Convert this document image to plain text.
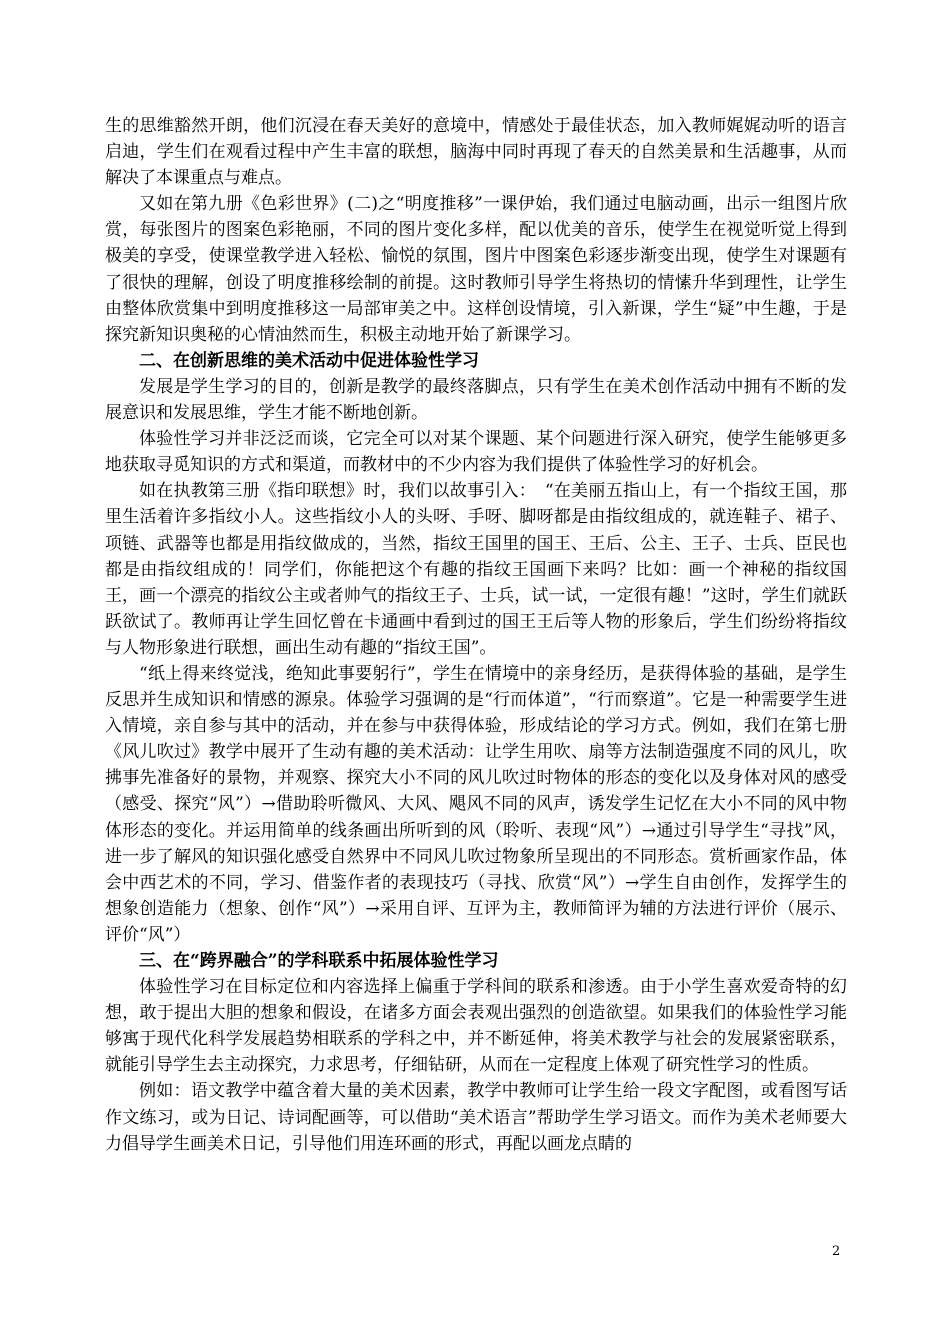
生的思维豁然开朗，他们沉浸在春天美好的意境中，情感处于最佳状态，加入教师娓娓动听的语言启迪，学生们在观看过程中产生丰富的联想，脑海中同时再现了春天的自然美景和生活趣事，从而解决了本课重点与难点。

又如在第九册《色彩世界》(二)之“明度推移”一课伊始，我们通过电脑动画，出示一组图片欣赏，每张图片的图案色彩艳丽，不同的图片变化多样，配以优美的音乐，使学生在视觉听觉上得到极美的享受，使课堂教学进入轻松、愉悦的氛围，图片中图案色彩逐步渐变出现，使学生对课题有了很快的理解，创设了明度推移绘制的前提。这时教师引导学生将热切的情愫升华到理性，让学生由整体欣赏集中到明度推移这一局部审美之中。这样创设情境，引入新课，学生“疑”中生趣，于是探究新知识奥秘的心情油然而生，积极主动地开始了新课学习。

二、在创新思维的美术活动中促进体验性学习

发展是学生学习的目的，创新是教学的最终落脚点，只有学生在美术创作活动中拥有不断的发展意识和发展思维，学生才能不断地创新。

体验性学习并非泛泛而谈，它完全可以对某个课题、某个问题进行深入研究，使学生能够更多地获取寻觅知识的方式和渠道，而教材中的不少内容为我们提供了体验性学习的好机会。

如在执教第三册《指印联想》时，我们以故事引入：　“在美丽五指山上，有一个指纹王国，那里生活着许多指纹小人。这些指纹小人的头呀、手呀、脚呀都是由指纹组成的，就连鞋子、裙子、项链、武器等也都是用指纹做成的，当然，指纹王国里的国王、王后、公主、王子、士兵、臣民也都是由指纹组成的！同学们，你能把这个有趣的指纹王国画下来吗？比如：画一个神秘的指纹国王，画一个漂亮的指纹公主或者帅气的指纹王子、士兵，试一试，一定很有趣！”这时，学生们就跃跃欲试了。教师再让学生回忆曾在卡通画中看到过的国王王后等人物的形象后，学生们纷纷将指纹与人物形象进行联想，画出生动有趣的“指纹王国”。

“纸上得来终觉浅，绝知此事要躬行”，学生在情境中的亲身经历，是获得体验的基础，是学生反思并生成知识和情感的源泉。体验学习强调的是“行而体道”，“行而察道”。它是一种需要学生进入情境，亲自参与其中的活动，并在参与中获得体验，形成结论的学习方式。例如，我们在第七册《风儿吹过》教学中展开了生动有趣的美术活动：让学生用吹、扇等方法制造强度不同的风儿，吹拂事先准备好的景物，并观察、探究大小不同的风儿吹过时物体的形态的变化以及身体对风的感受（感受、探究“风”）→借助聆听微风、大风、飓风不同的风声，诱发学生记忆在大小不同的风中物体形态的变化。并运用简单的线条画出所听到的风（聆听、表现“风”）→通过引导学生“寻找”风，进一步了解风的知识强化感受自然界中不同风儿吹过物象所呈现出的不同形态。赏析画家作品，体会中西艺术的不同，学习、借鉴作者的表现技巧（寻找、欣赏“风”）→学生自由创作，发挥学生的想象创造能力（想象、创作“风”）→采用自评、互评为主，教师简评为辅的方法进行评价（展示、评价“风”）

三、在“跨界融合”的学科联系中拓展体验性学习

体验性学习在目标定位和内容选择上偏重于学科间的联系和渗透。由于小学生喜欢爱奇特的幻想，敢于提出大胆的想象和假设，在诸多方面会表观出强烈的创造欲望。如果我们的体验性学习能够寓于现代化科学发展趋势相联系的学科之中，并不断延伸，将美术教学与社会的发展紧密联系，就能引导学生去主动探究，力求思考，仔细钻研，从而在一定程度上体观了研究性学习的性质。

例如：语文教学中蕴含着大量的美术因素，教学中教师可让学生给一段文字配图，或看图写话作文练习，或为日记、诗词配画等，可以借助“美术语言”帮助学生学习语文。而作为美术老师要大力倡导学生画美术日记，引导他们用连环画的形式，再配以画龙点睛的

2
